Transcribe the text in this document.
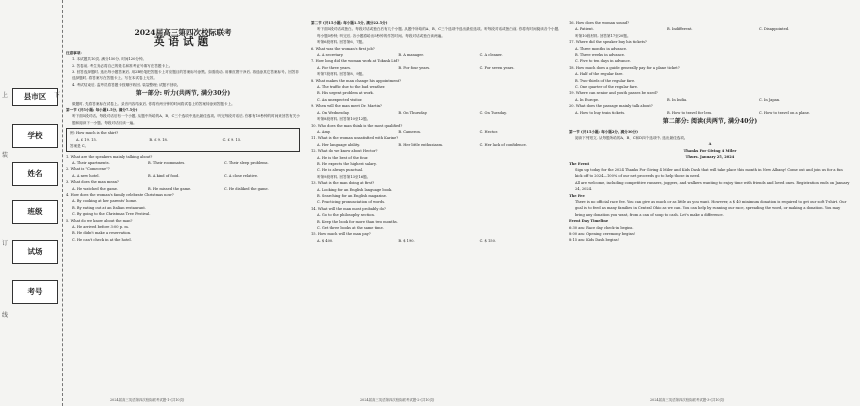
县市区
学校
姓名
班级
试场
考号
上	下
装
订
线
2024届高三第四次校际联考
英语试题

注意事项:

1. 本试题共10页, 满分150分, 时间120分钟。

2. 答卷前, 考生务必将自己的姓名和准考证号填写在答题卡上。

3. 回答选择题时, 选出每小题答案后, 用2B铅笔把答题卡上对应题目的答案标号涂黑。如需改动, 用橡皮擦干净后, 再选涂其它答案标号。回答非选择题时, 将答案写在答题卡上。写在本试卷上无效。

4. 考试结束后, 监考员将答题卡按顺序收回, 装袋整理; 试题不回收。

第一部分: 听力(共两节, 满分30分)

做题时, 先将答案标在试卷上。录音内容结束后, 你将有两分钟的时间将试卷上的答案转涂到答题卡上。

第一节 (共5小题; 每小题1.5分, 满分7.5分)

听下面5段对话。每段对话后有一个小题, 从题中所给的A、B、C三个选项中选出最佳选项。听完每段对话后, 你都有10秒钟的时间来回答有关小题和阅读下一小题。每段对话仅读一遍。

例: How much is the shirt?
A. £ 19. 15.	B. £ 9. 18.	C. £ 9. 15.
答案是 C。
1. What are the speakers mainly talking about?
A. Their apartments.	B. Their roommates.	C. Their sleep problems.
2. What is "Comecene"?
A. A new hotel.	B. A kind of food.	C. A close relative.
3. What does the man mean?
A. He watched the game.	B. He missed the game.	C. He disliked the game.
4. How does the woman's family celebrate Christmas now?
A. By cooking at her parents' home.
B. By eating out at an Italian restaurant.
C. By going to the Christmas Tree Festival.
5. What do we know about the man?
A. He arrived before 3:00 p. m.
B. He didn't make a reservation.
C. He can't check in at the hotel.
2024届高三英语第四次校际联考试题-1-(共10页)

第二节 (共15小题; 每小题1.5分, 满分22.5分)

听下面5段对话或独白。每段对话或独白后有几个小题, 从题中所给的A、B、C三个选项中选出最佳选项。听每段对话或独白前, 你将有时间阅读各个小题, 每小题5秒钟; 听完后, 各小题将给出5秒钟的作答时间。每段对话或独白读两遍。

听第6段材料, 回答第6、7题。
6. What was the woman's first job?
A. A secretary.	B. A manager.	C. A cleaner.
7. How long did the woman work at Toknsk Ltd?
A. For three years.	B. For four years.	C. For seven years.
听第7段材料, 回答第8、9题。
8. What makes the man change his appointment?
A. The traffic due to the bad weather.
B. His urgent problem at work.
C. An unexpected visitor.
9. When will the man meet Dr. Martin?
A. On Wednesday.	B. On Thursday.	C. On Tuesday.
听第8段材料, 回答第10至12题。
10. Who does the man think is the most qualified?
A. Amy.	B. Cameron.	C. Hector.
11. What is the woman unsatisfied with Karine?
A. Her language ability.	B. Her little enthusiasm.	C. Her lack of confidence.
12. What do we know about Hector?
A. He is the best of the four.
B. He expects the highest salary.
C. He is always punctual.
听第9段材料, 回答第13至16题。
13. What is the man doing at first?
A. Looking for an English language book.
B. Searching for an English magazine.
C. Practicing pronunciation of words.
14. What will the man most probably do?
A. Go to the philosophy section.
B. Keep the book for more than two months.
C. Get three books at the same time.
15. How much will the man pay?
A. $ 400.	B. $ 190.	C. $ 150.
2024届高三英语第四次校际联考试题-2-(共10页)
16. How does the woman sound?
A. Patient.	B. Indifferent.	C. Disappointed.
听第10段材料, 回答第17至20题。
17. Where did the speaker buy his tickets?
A. Three months in advance.
B. Three weeks in advance.
C. Five to ten days in advance.
18. How much does a guide generally pay for a plane ticket?
A. Half of the regular fare.
B. Two-thirds of the regular fare.
C. One quarter of the regular fare.
19. Where can senior and youth passes be used?
A. In Europe.	B. In India.	C. In Japan.
20. What does the passage mainly talk about?
A. How to buy train tickets.	B. How to travel for less.	C. How to travel on a plane.
第二部分: 阅读(共两节, 满分40分)

第一节 (共15小题; 每小题2分, 满分30分)

阅读下列短文, 从每题所给的A、B、C和D四个选项中, 选出最佳选项。

A
Thanks For Giving 4 Miler
Thurs. January 25, 2024
The Event

Sign up today for the 2024 Thanks For Giving 4 Miler and Kids Dash that will take place this month in New Albany! Come out and join us for a fun kick off to 2024—100% of our net proceeds go to help those in need.

All are welcome, including competitive runners, joggers, and walkers wanting to enjoy time with friends and loved ones. Registration ends on January 24, 2024.

The Fee

There is no official race fee. You can give as much or as little as you want. However, a $ 40 minimum donation is required to get our soft T-shirt. Our goal is to feed as many families in Central Ohio as we can. You can help by running our race, spreading the word, or making a donation. You may bring any donation you want, from a can of soup to cash. Let's make a difference.

Event Day Timeline
6:30 am: Race day check-in begins.
8:00 am: Opening ceremony begins!
8:15 am: Kids Dash begins!
2024届高三英语第四次校际联考试题-3-(共10页)
